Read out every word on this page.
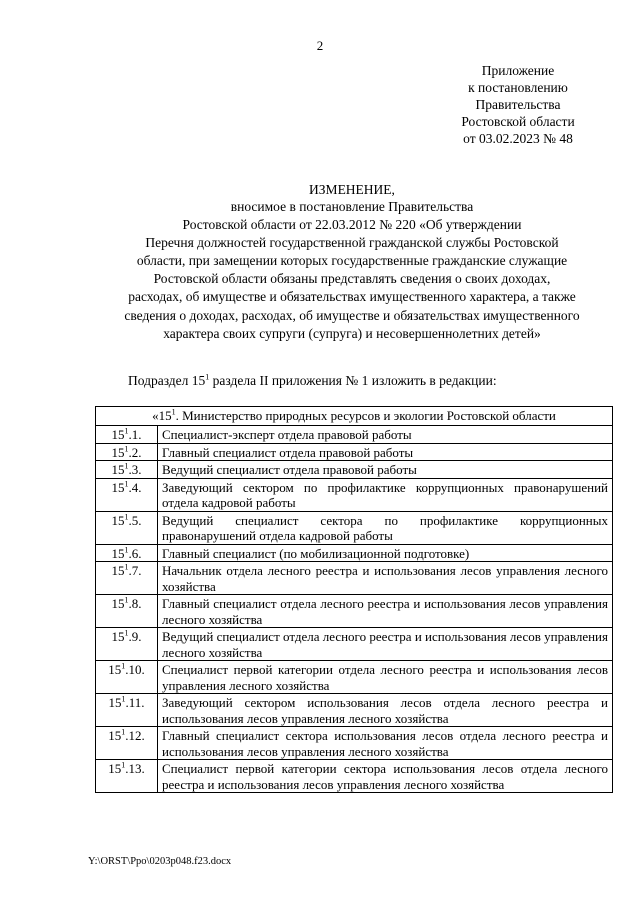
2
Приложение
к постановлению
Правительства
Ростовской области
от 03.02.2023 № 48
ИЗМЕНЕНИЕ,
вносимое в постановление Правительства
Ростовской области от 22.03.2012 № 220 «Об утверждении
Перечня должностей государственной гражданской службы Ростовской
области, при замещении которых государственные гражданские служащие
Ростовской области обязаны представлять сведения о своих доходах,
расходах, об имуществе и обязательствах имущественного характера, а также
сведения о доходах, расходах, об имуществе и обязательствах имущественного
характера своих супруги (супруга) и несовершеннолетних детей»
Подраздел $15^1$ раздела II приложения № 1 изложить в редакции:
«$15^1$. Министерство природных ресурсов и экологии Ростовской области	
$15^1.1$.	Специалист-эксперт отдела правовой работы
$15^1.2$.	Главный специалист отдела правовой работы
$15^1.3$.	Ведущий специалист отдела правовой работы
$15^1.4$.	Заведующий сектором по профилактике коррупционных правонарушений отдела кадровой работы
$15^1.5$.	Ведущий специалист сектора по профилактике коррупционных правонарушений отдела кадровой работы
$15^1.6$.	Главный специалист (по мобилизационной подготовке)
$15^1.7$.	Начальник отдела лесного реестра и использования лесов управления лесного хозяйства
$15^1.8$.	Главный специалист отдела лесного реестра и использования лесов управления лесного хозяйства
$15^1.9$.	Ведущий специалист отдела лесного реестра и использования лесов управления лесного хозяйства
$15^1.10$.	Специалист первой категории отдела лесного реестра и использования лесов управления лесного хозяйства
$15^1.11$.	Заведующий сектором использования лесов отдела лесного реестра и использования лесов управления лесного хозяйства
$15^1.12$.	Главный специалист сектора использования лесов отдела лесного реестра и использования лесов управления лесного хозяйства
$15^1.13$.	Специалист первой категории сектора использования лесов отдела лесного реестра и использования лесов управления лесного хозяйства
Y:\ORST\Ppo\0203p048.f23.docx
